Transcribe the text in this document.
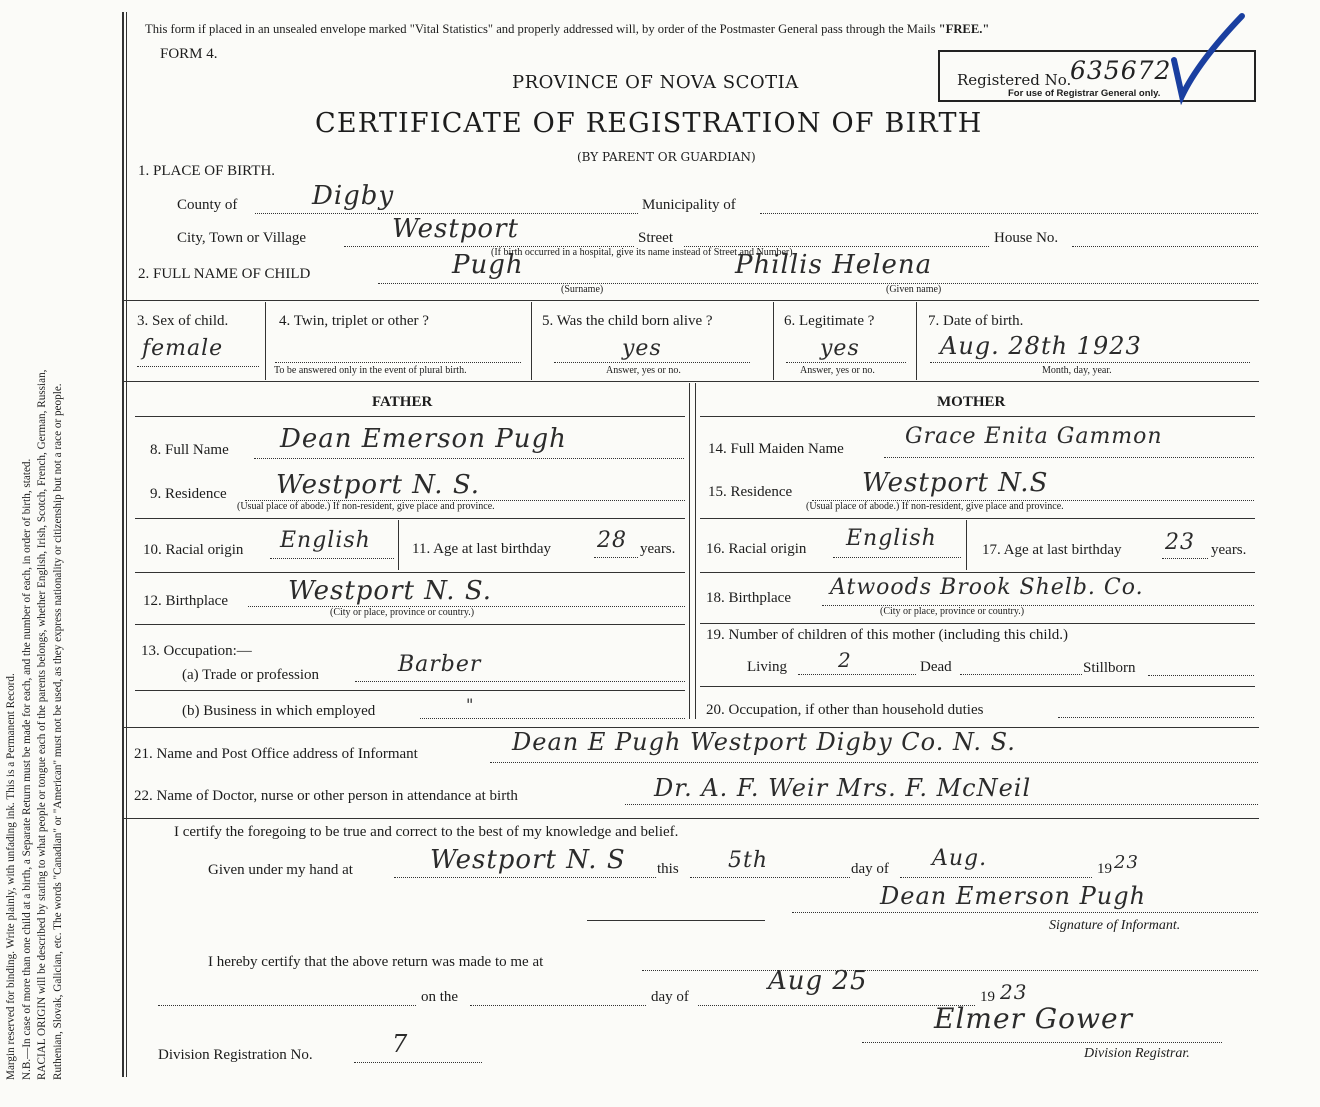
Margin reserved for binding. Write plainly, with unfading ink. This is a Permanent Record. N.B.—In case of more than one child at a birth, a Separate Return must be made for each, and the number of each, in order of birth, stated. RACIAL ORIGIN will be described by stating to what people or tongue each of the parents belongs, whether English, Irish, Scotch, French, German, Russian, Ruthenian, Slovak, Galician, etc. The words "Canadian" or "American" must not be used, as they express nationality or citizenship but not a race or people.
This form if placed in an unsealed envelope marked "Vital Statistics" and properly addressed will, by order of the Postmaster General pass through the Mails "FREE."
FORM 4.
PROVINCE OF NOVA SCOTIA
CERTIFICATE OF REGISTRATION OF BIRTH
(BY PARENT OR GUARDIAN)
Registered No.
635672
For use of Registrar General only.
1. PLACE OF BIRTH.
County of	Digby	Municipality of
City, Town or Village	Westport	Street	House No.
(If birth occurred in a hospital, give its name instead of Street and Number)
2. FULL NAME OF CHILD	Pugh
(Surname)
Phillis Helena
(Given name)
3. Sex of child.
female
4. Twin, triplet or other ?
To be answered only in the event of plural birth.
5. Was the child born alive ?
yes
Answer, yes or no.
6. Legitimate ?
yes
Answer, yes or no.
7. Date of birth.
Aug. 28th 1923
Month, day, year.
FATHER	MOTHER
8. Full Name Dean Emerson Pugh
9. Residence Westport N. S.
(Usual place of abode.) If non-resident, give place and province.
10. Racial origin English	11. Age at last birthday 28 years.
12. Birthplace Westport N. S.
(City or place, province or country.)
13. Occupation:—
(a) Trade or profession	Barber
(b) Business in which employed	"
14. Full Maiden Name	Grace Enita Gammon
15. Residence	Westport N.S
(Usual place of abode.) If non-resident, give place and province.
16. Racial origin English	17. Age at last birthday 23 years.
18. Birthplace Atwoods Brook Shelb. Co.
(City or place, province or country.)
19. Number of children of this mother (including this child.)
Living	2	Dead	Stillborn
20. Occupation, if other than household duties
21. Name and Post Office address of Informant	Dean E Pugh Westport Digby Co. N. S.
22. Name of Doctor, nurse or other person in attendance at birth	Dr. A. F. Weir Mrs. F. McNeil
I certify the foregoing to be true and correct to the best of my knowledge and belief.
Given under my hand at	Westport N. S this 5th	day of Aug.	19 23
Dean Emerson Pugh
Signature of Informant.
I hereby certify that the above return was made to me at
on the	day of
Aug 25
19 23
Elmer Gower
Division Registrar.
Division Registration No.	7
